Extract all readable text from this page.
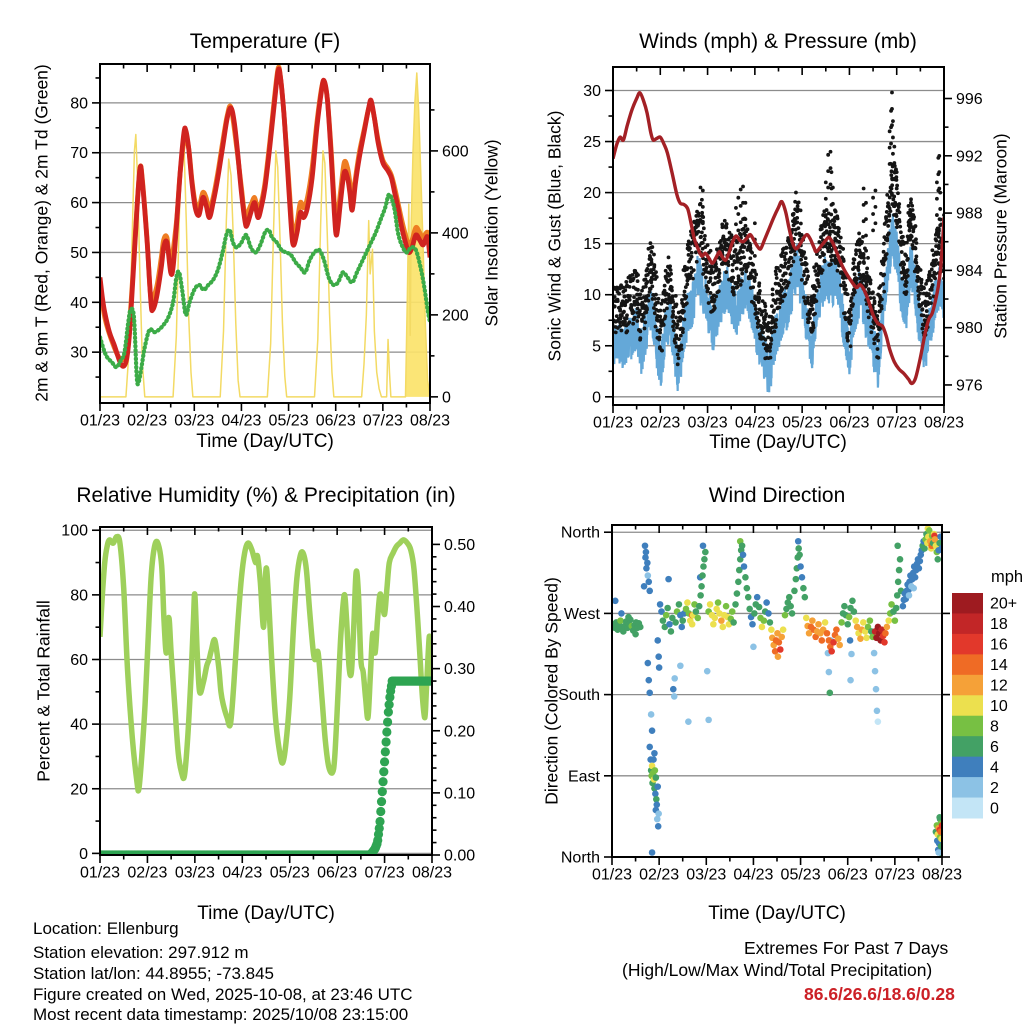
01/23 02/23 03/23 04/23 05/23 06/23 07/23 08/23
30
40
50
60
70
80
0
200
400
600
01/23 02/23 03/23 04/23 05/23 06/23 07/23 08/23
0
5
10
15
20
25
30
976
980
984
988
992
996
01/23 02/23 03/23 04/23 05/23 06/23 07/23 08/23
0
20
40
60
80
100
0.00
0.10
0.20
0.30
0.40
0.50
01/23 02/23 03/23 04/23 05/23 06/23 07/23 08/23
North
East
South
West
North
20+
18
16
14
12
10
8
6
4
2
0
Temperature (F)	Winds (mph) & Pressure (mb)
Relative Humidity (%) & Precipitation (in)	Wind Direction
Time (Day/UTC)	Time (Day/UTC)
Time (Day/UTC)	Time (Day/UTC)
2m & 9m T (Red, Orange) & 2m Td (Green)	Solar Insolation (Yellow) Sonic Wind & Gust (Blue, Black)	Station Pressure (Maroon)
Percent & Total Rainfall	Direction (Colored By Speed)
mph
Location: Ellenburg
Station elevation: 297.912 m
Station lat/lon: 44.8955; -73.845
Figure created on Wed, 2025-10-08, at 23:46 UTC
Most recent data timestamp: 2025/10/08 23:15:00
Extremes For Past 7 Days
(High/Low/Max Wind/Total Precipitation)
86.6/26.6/18.6/0.28
